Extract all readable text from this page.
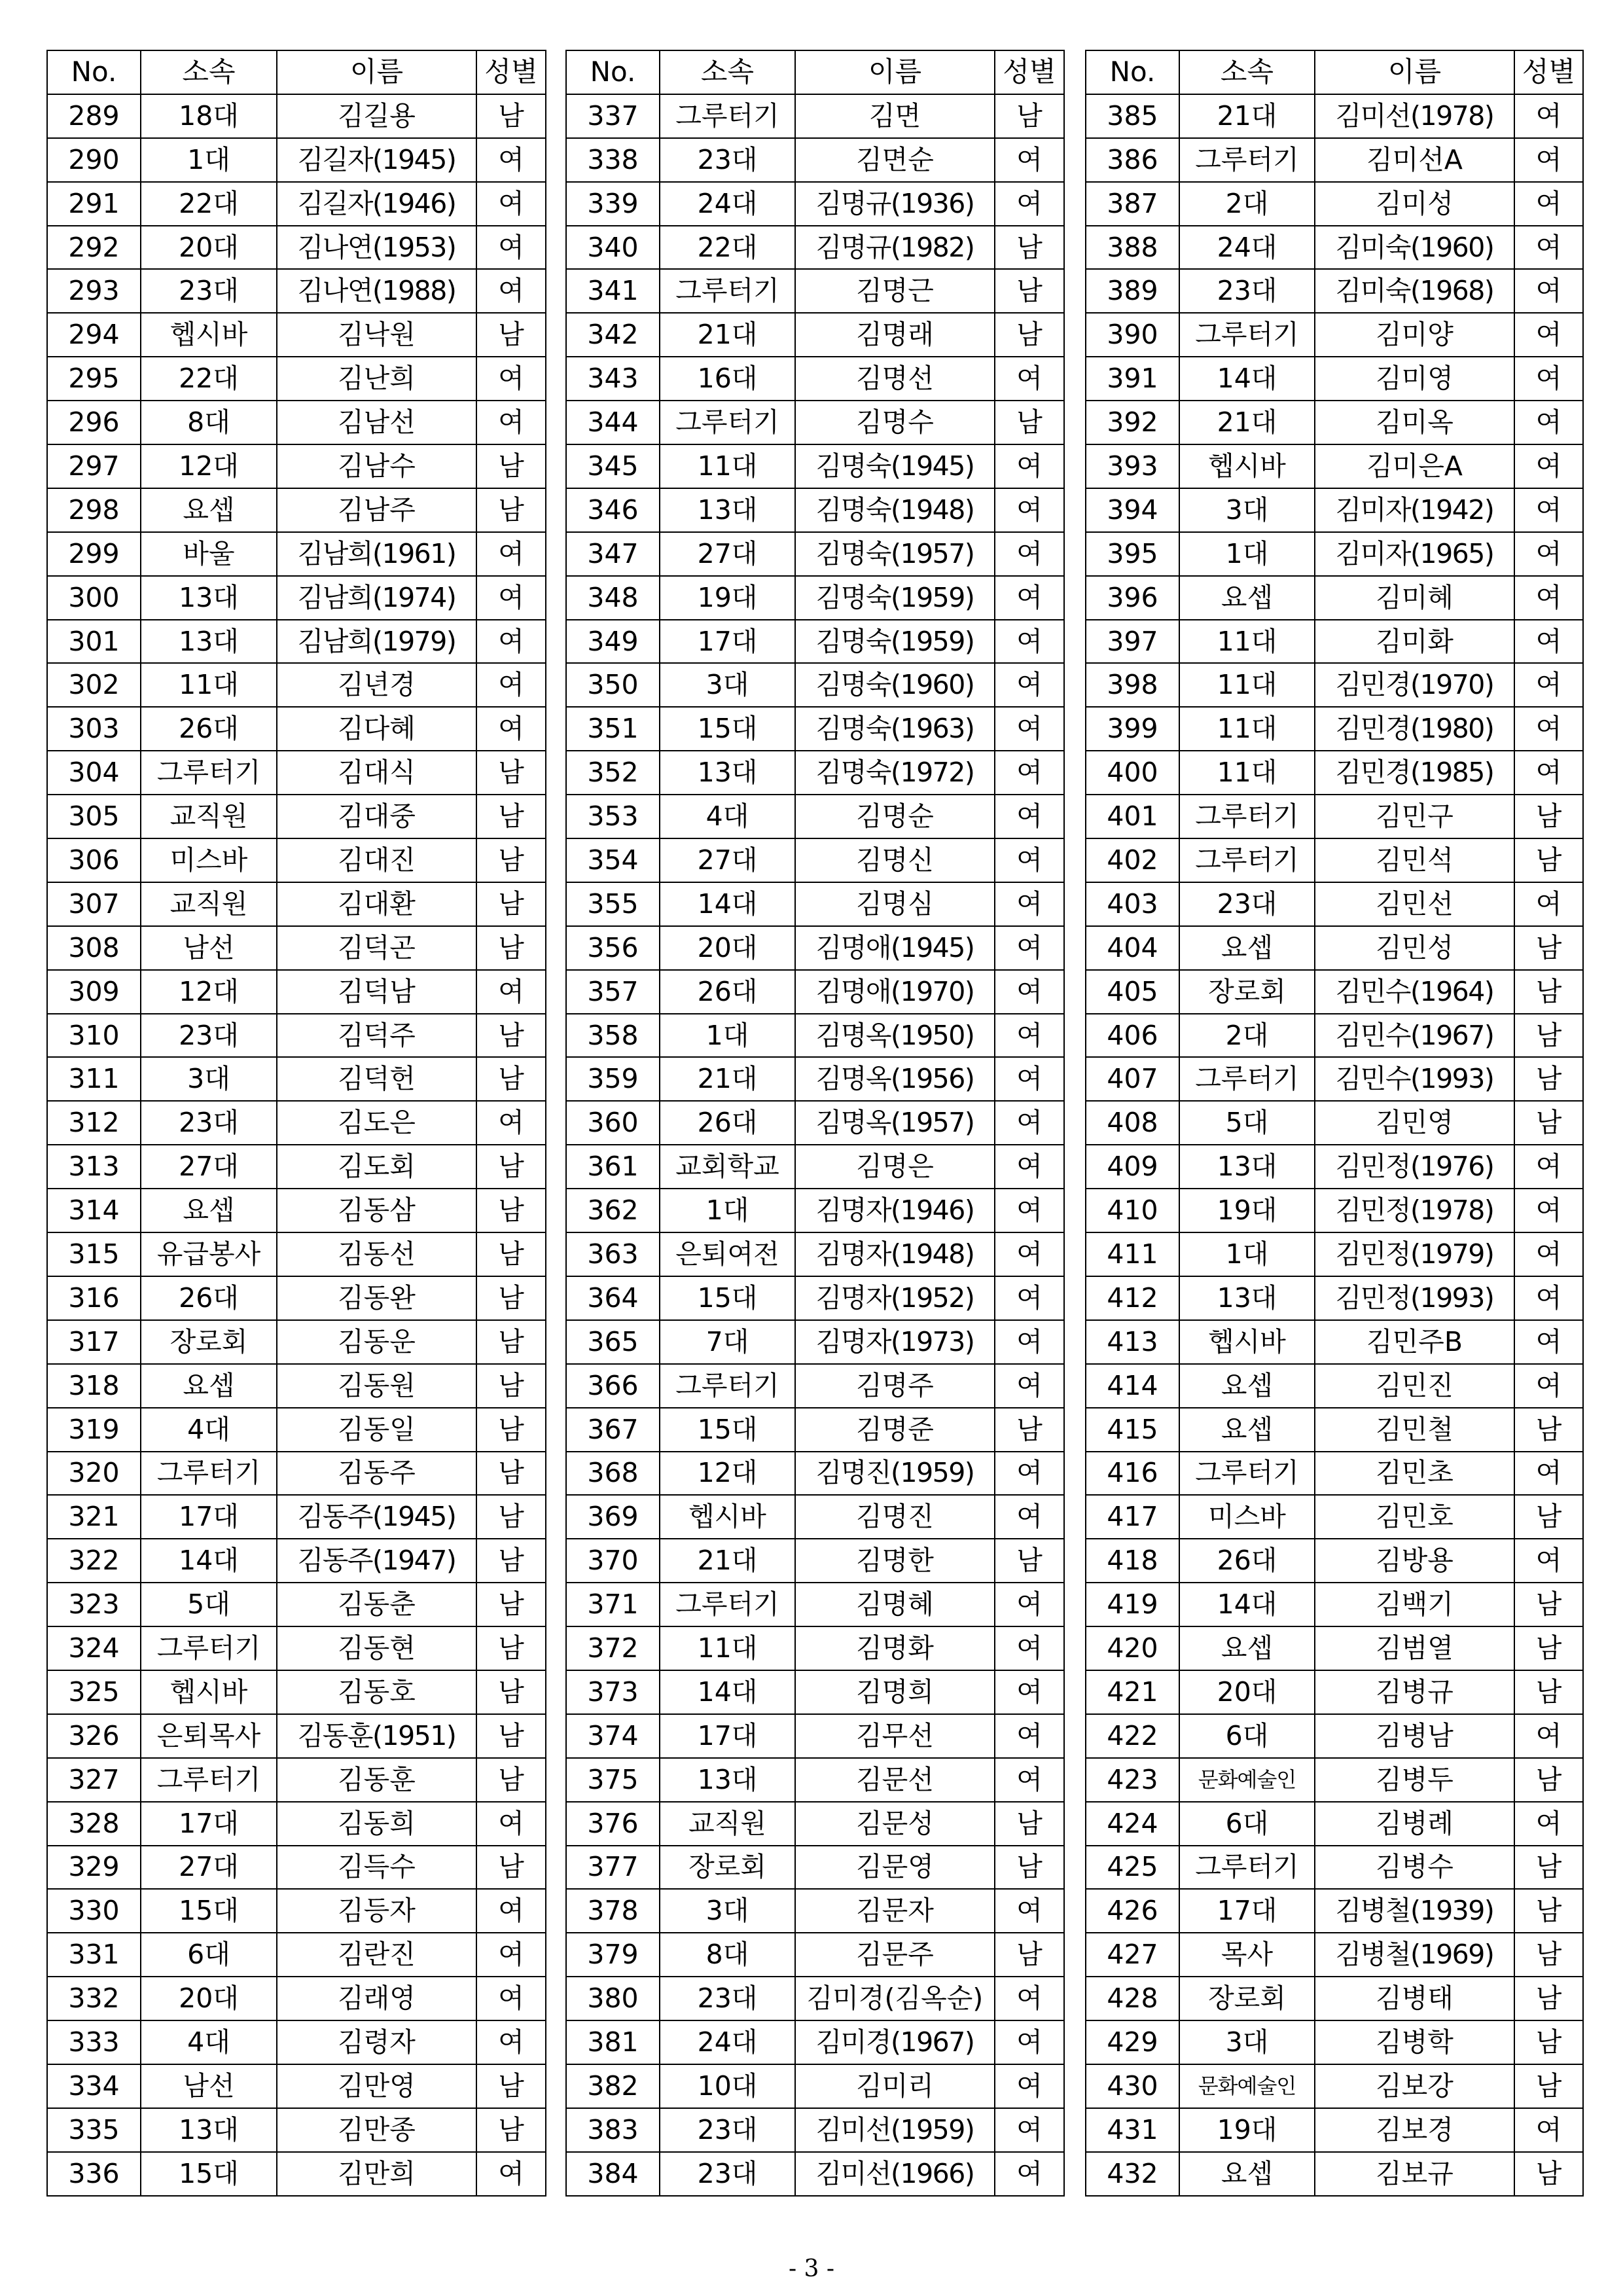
No.	소속	이름	성별
289	18대	김길용	남
290	1대	김길자(1945)	여
291	22대	김길자(1946)	여
292	20대	김나연(1953)	여
293	23대	김나연(1988)	여
294	헵시바	김낙원	남
295	22대	김난희	여
296	8대	김남선	여
297	12대	김남수	남
298	요셉	김남주	남
299	바울	김남희(1961)	여
300	13대	김남희(1974)	여
301	13대	김남희(1979)	여
302	11대	김년경	여
303	26대	김다혜	여
304	그루터기	김대식	남
305	교직원	김대중	남
306	미스바	김대진	남
307	교직원	김대환	남
308	남선	김덕곤	남
309	12대	김덕남	여
310	23대	김덕주	남
311	3대	김덕헌	남
312	23대	김도은	여
313	27대	김도회	남
314	요셉	김동삼	남
315	유급봉사	김동선	남
316	26대	김동완	남
317	장로회	김동운	남
318	요셉	김동원	남
319	4대	김동일	남
320	그루터기	김동주	남
321	17대	김동주(1945)	남
322	14대	김동주(1947)	남
323	5대	김동춘	남
324	그루터기	김동현	남
325	헵시바	김동호	남
326	은퇴목사	김동훈(1951)	남
327	그루터기	김동훈	남
328	17대	김동희	여
329	27대	김득수	남
330	15대	김등자	여
331	6대	김란진	여
332	20대	김래영	여
333	4대	김령자	여
334	남선	김만영	남
335	13대	김만종	남
336	15대	김만희	여
No.	소속	이름	성별
337	그루터기	김면	남
338	23대	김면순	여
339	24대	김명규(1936)	여
340	22대	김명규(1982)	남
341	그루터기	김명근	남
342	21대	김명래	남
343	16대	김명선	여
344	그루터기	김명수	남
345	11대	김명숙(1945)	여
346	13대	김명숙(1948)	여
347	27대	김명숙(1957)	여
348	19대	김명숙(1959)	여
349	17대	김명숙(1959)	여
350	3대	김명숙(1960)	여
351	15대	김명숙(1963)	여
352	13대	김명숙(1972)	여
353	4대	김명순	여
354	27대	김명신	여
355	14대	김명심	여
356	20대	김명애(1945)	여
357	26대	김명애(1970)	여
358	1대	김명옥(1950)	여
359	21대	김명옥(1956)	여
360	26대	김명옥(1957)	여
361	교회학교	김명은	여
362	1대	김명자(1946)	여
363	은퇴여전	김명자(1948)	여
364	15대	김명자(1952)	여
365	7대	김명자(1973)	여
366	그루터기	김명주	여
367	15대	김명준	남
368	12대	김명진(1959)	여
369	헵시바	김명진	여
370	21대	김명한	남
371	그루터기	김명혜	여
372	11대	김명화	여
373	14대	김명희	여
374	17대	김무선	여
375	13대	김문선	여
376	교직원	김문성	남
377	장로회	김문영	남
378	3대	김문자	여
379	8대	김문주	남
380	23대	김미경(김옥순)	여
381	24대	김미경(1967)	여
382	10대	김미리	여
383	23대	김미선(1959)	여
384	23대	김미선(1966)	여
No.	소속	이름	성별
385	21대	김미선(1978)	여
386	그루터기	김미선A	여
387	2대	김미성	여
388	24대	김미숙(1960)	여
389	23대	김미숙(1968)	여
390	그루터기	김미양	여
391	14대	김미영	여
392	21대	김미옥	여
393	헵시바	김미은A	여
394	3대	김미자(1942)	여
395	1대	김미자(1965)	여
396	요셉	김미혜	여
397	11대	김미화	여
398	11대	김민경(1970)	여
399	11대	김민경(1980)	여
400	11대	김민경(1985)	여
401	그루터기	김민구	남
402	그루터기	김민석	남
403	23대	김민선	여
404	요셉	김민성	남
405	장로회	김민수(1964)	남
406	2대	김민수(1967)	남
407	그루터기	김민수(1993)	남
408	5대	김민영	남
409	13대	김민정(1976)	여
410	19대	김민정(1978)	여
411	1대	김민정(1979)	여
412	13대	김민정(1993)	여
413	헵시바	김민주B	여
414	요셉	김민진	여
415	요셉	김민철	남
416	그루터기	김민초	여
417	미스바	김민호	남
418	26대	김방용	여
419	14대	김백기	남
420	요셉	김범열	남
421	20대	김병규	남
422	6대	김병남	여
423	문화예술인	김병두	남
424	6대	김병례	여
425	그루터기	김병수	남
426	17대	김병철(1939)	남
427	목사	김병철(1969)	남
428	장로회	김병태	남
429	3대	김병학	남
430	문화예술인	김보강	남
431	19대	김보경	여
432	요셉	김보규	남
- 3 -
